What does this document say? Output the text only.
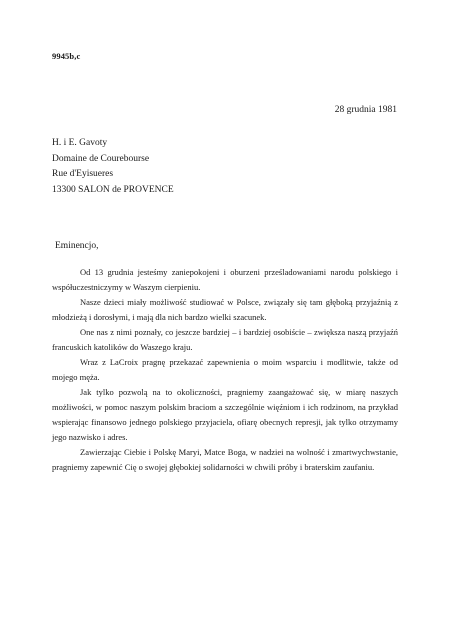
9945b,c
28 grudnia 1981
H. i E. Gavoty
Domaine de Courebourse
Rue d'Eyisueres
13300 SALON de PROVENCE
Eminencjo,

Od 13 grudnia jesteśmy zaniepokojeni i oburzeni prześladowaniami narodu polskiego i współuczestniczymy w Waszym cierpieniu.

Nasze dzieci miały możliwość studiować w Polsce, związały się tam głęboką przyjaźnią z młodzieżą i dorosłymi, i mają dla nich bardzo wielki szacunek.

One nas z nimi poznały, co jeszcze bardziej – i bardziej osobiście – zwiększa naszą przyjaźń francuskich katolików do Waszego kraju.

Wraz z LaCroix pragnę przekazać zapewnienia o moim wsparciu i modlitwie, także od mojego męża.

Jak tylko pozwolą na to okoliczności, pragniemy zaangażować się, w miarę naszych możliwości, w pomoc naszym polskim braciom a szczególnie więźniom i ich rodzinom, na przykład wspierając finansowo jednego polskiego przyjaciela, ofiarę obecnych represji, jak tylko otrzymamy jego nazwisko i adres.

Zawierzając Ciebie i Polskę Maryi, Matce Boga, w nadziei na wolność i zmartwychwstanie, pragniemy zapewnić Cię o swojej głębokiej solidarności w chwili próby i braterskim zaufaniu.
